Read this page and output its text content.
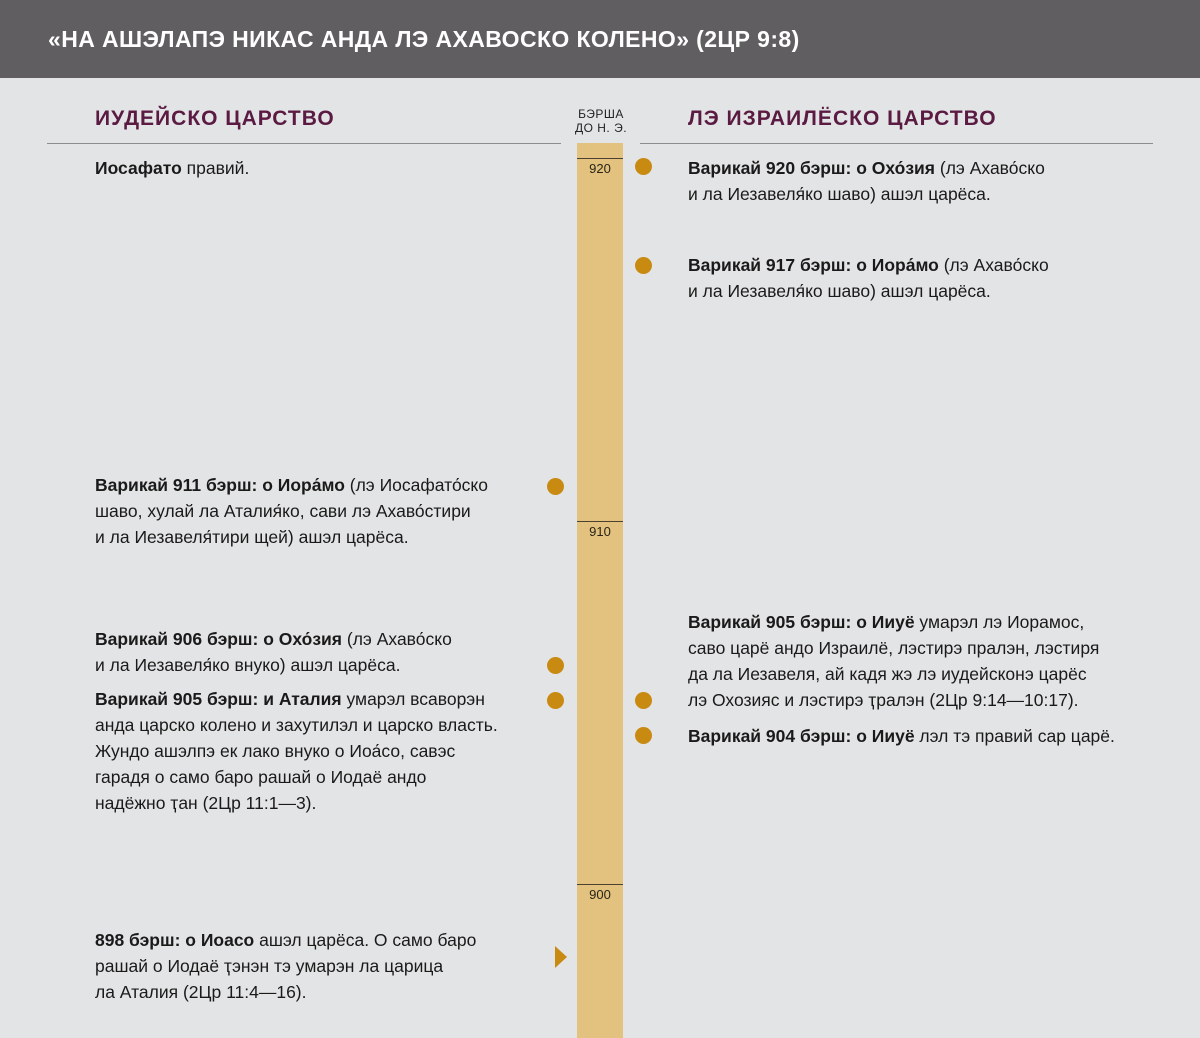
«НА АШЭЛАПЭ НИКАС АНДА ЛЭ АХАВОСКО КОЛЕНО» (2ЦР 9:8)
ИУДЕЙСКО ЦАРСТВО	ЛЭ ИЗРАИЛЁСКО ЦАРСТВО
БЭРША
ДО Н. Э.
920
910
900
Иосафато правий.
Варикай 911 бэрш: о Иора́мо (лэ Иосафато́ско
шаво, хулай ла Аталия́ко, сави лэ Ахаво́стири
и ла Иезавеля́тири щей) ашэл царёса.
Варикай 906 бэрш: о Охо́зия (лэ Ахаво́ско
и ла Иезавеля́ко внуко) ашэл царёса.
Варикай 905 бэрш: и Аталия умарэл всаворэн
анда царско колено и захутилэл и царско власть.
Жундо ашэлпэ ек лако внуко о Иоа́со, савэс
гарадя о само баро рашай о Иодаё андо
надёжно ҭан (2Цр 11:1—3).
898 бэрш: о Иоасо ашэл царёса. О само баро
рашай о Иодаё ҭэнэн тэ умарэн ла царица
ла Аталия (2Цр 11:4—16).
Варикай 920 бэрш: о Охо́зия (лэ Ахаво́ско
и ла Иезавеля́ко шаво) ашэл царёса.
Варикай 917 бэрш: о Иора́мо (лэ Ахаво́ско
и ла Иезавеля́ко шаво) ашэл царёса.
Варикай 905 бэрш: о Ииуё умарэл лэ Иорамос,
саво царё андо Израилё, лэстирэ пралэн, лэстиря
да ла Иезавеля, ай кадя жэ лэ иудейсконэ царёс
лэ Охозияс и лэстирэ ҭралэн (2Цр 9:14—10:17).
Варикай 904 бэрш: о Ииуё лэл тэ правий сар царё.
